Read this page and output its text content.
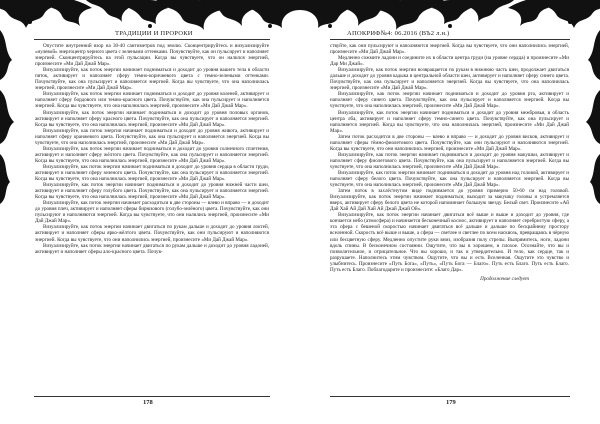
ТРАДИЦИИ И ПРОРОКИ

Опустите внутренний взор на 30-40 сантиметров под землю. Сконцентрируйтесь и визуализируйте «нулевой» энергоцентр черного цвета с зелеными оттенками. Почувствуйте, как он пульсирует и наполняет энергией. Сконцентрируйтесь на этой пульсации. Когда вы чувствуете, что он налился энергией, произнесите «Ми Дай Джай Мар».

Визуализируйте, как поток энергии начинает подниматься и доходит до уровня вашего тела в области пяток, активирует и наполняет сферу темно-коричневого цвета с темно-зелеными оттенками. Почувствуйте, как она пульсирует и наполняется энергией. Когда вы чувствуете, что она наполнилась энергией, произнесите «Ми Дай Джай Мар».

Визуализируйте, как поток энергии начинает подниматься и доходит до уровня коленей, активирует и наполняет сферу бордового или темно-красного цвета. Почувствуйте, как она пульсирует и наполняется энергией. Когда вы чувствуете, что она наполнилась энергией, произнесите «Ми Дай Джай Мар».

Визуализируйте, как поток энергии начинает подниматься и доходит до уровня половых органов, активирует и наполняет сферу красного цвета. Почувствуйте, как она пульсирует и наполняется энергией. Когда вы чувствуете, что она наполнилась энергией, произнесите «Ми Дай Джай Мар».

Визуализируйте, как поток энергии начинает подниматься и доходит до уровня живота, активирует и наполняет сферу оранжевого цвета. Почувствуйте, как она пульсирует и наполняется энергией. Когда вы чувствуете, что она наполнилась энергией, произнесите «Ми Дай Джай Мар».

Визуализируйте, как поток энергии начинает подниматься и доходит до уровня солнечного сплетения, активирует и наполняет сферу жёлтого цвета. Почувствуйте, как она пульсирует и наполняется энергией. Когда вы чувствуете, что она наполнилась энергией, произнесите «Ми Дай Джай Мар».

Визуализируйте, как поток энергии начинает подниматься и доходит до уровня сердца в области груди, активирует и наполняет сферу зеленого цвета. Почувствуйте, как она пульсирует и наполняется энергией. Когда вы чувствуете, что она наполнилась энергией, произнесите «Ми Дай Джай Мар».

Визуализируйте, как поток энергии начинает подниматься и доходит до уровня нижней части шеи, активирует и наполняет сферу голубого цвета. Почувствуйте, как она пульсирует и наполняется энергией. Когда вы чувствуете, что она наполнилась энергией, произнесите «Ми Дай Джай Мар».

Визуализируйте, как поток энергии начинает расходиться в две стороны — влево и вправо — и доходит до уровня плеч, активирует и наполняет сферы бирюзового (голубо-зелёного) цвета. Почувствуйте, как они пульсируют и наполняются энергией. Когда вы чувствуете, что они налились энергией, произнесите «Ми Дай Джай Мар».

Визуализируйте, как поток энергии начинает двигаться по рукам дальше и доходит до уровня локтей, активирует и наполняет сферы ярко-жёлтого цвета. Почувствуйте, как они пульсируют и наполняются энергией. Когда вы чувствуете, что они наполнились энергией, произнесите «Ми Дай Джай Мар».

Визуализируйте, как поток энергии начинает двигаться по рукам дальше и доходит до уровня ладоней, активирует и наполняет сферы ало-красного цвета. Почув-

178
АПОКРИФ№4: 06.2016 (ВЪ2 л.н.)

ствуйте, как они пульсируют и наполняются энергией. Когда вы чувствуете, что они наполнились энергией, произнесите «Ми Дай Джай Мар».

Медленно сожмите ладони и соедините их в области центра груди (на уровне сердца) и произнесите «Ми Дар Ми Джай».

Визуализируйте, как поток энергии возвращается по рукам в нижнюю часть шеи, продолжает двигаться дальше и доходит до уровня кадыка в центральной области шеи, активирует и наполняет сферу синего цвета. Почувствуйте, как она пульсирует и наполняется энергией. Когда вы чувствуете, что она наполнилась энергией, произнесите «Ми Дай Джай Мар».

Визуализируйте, как поток энергии начинает подниматься и доходит до уровня рта, активирует и наполняет сферу синего цвета. Почувствуйте, как она пульсирует и наполняется энергией. Когда вы чувствуете, что она наполнилась энергией, произнесите «Ми Дай Джай Мар».

Визуализируйте, как поток энергии начинает подниматься и доходит до уровня межбровья, в область центра лба, активирует и наполняет сферу темно-синего цвета. Почувствуйте, как она пульсирует и наполняется энергией. Когда вы чувствуете, что она наполнилась энергией, произнесите «Ми Дай Джай Мар».

Затем поток расходится в две стороны — влево и вправо — и доходит до уровня висков, активирует и наполняет сферы тёмно-фиолетового цвета. Почувствуйте, как они пульсируют и наполняются энергией. Когда вы чувствуете, что они наполнились энергией, произнесите «Ми Дай Джай Мар».

Визуализируйте, как поток энергии начинает подниматься и доходит до уровня макушки, активирует и наполняет сферу фиолетового цвета. Почувствуйте, как она пульсирует и наполняется энергией. Когда вы чувствуете, что она наполнилась энергией, произнесите «Ми Дай Джай Мар».

Визуализируйте, как поток энергии начинает подниматься и доходит до уровня над головой, активирует и наполняет сферу белого цвета. Почувствуйте, как она пульсирует и наполняется энергией. Когда вы чувствуете, что она наполнилась энергией, произнесите «Ми Дай Джай Мар».

Затем поток в захлёстнутом виде поднимается до уровня примерно 50-60 см над головой. Визуализируйте, как поток энергии начинает подниматься, выходит за макушку головы и устремляется вверх, активирует сферу белого цвета не которой напоминает большую звезду. Белый свет. Произнесите «Ай Дай Хай Ай Дай Хай Ай Джай Джай Ой».

Визуализируйте, как поток энергии начинает двигаться всё выше и выше и доходит до уровня, где кончается небо (атмосфера) и начинается бесконечный космос, активирует и наполняет серебристую сферу, а эта сфера с бешеной скоростью начинает двигаться всё дальше и дальше по бескрайнему простору вселенной. Скорость всё выше и выше, а сфера — светлее и светлее по всем насквозь, превращаясь в чёрную или бесцветную сферу. Медленно опустите руки вниз, изобразив полу стрелы. Выпрямитесь, ноги, ладони вдоль спины. В бесконечном состоянии. Ощутите, что вы в хорошем, и плохое. Осознайте, что вы и позволительное, и отрицательное. Что вы хорошо, и так и утвердительно. И тело, как сердце, так и разрушаете. Наполнитесь этим чувством. Ощутите, что вы и есть Вселенная. Ощутите это чувство и улыбнитесь. Произнесите «Путь Бога», «Путь», «Путь Бога — Благо». Путь есть Благо. Путь есть Благо. Путь есть Благо. Поблагодарите и произнесите: «Благо Дар».

Продолжение следует

179
